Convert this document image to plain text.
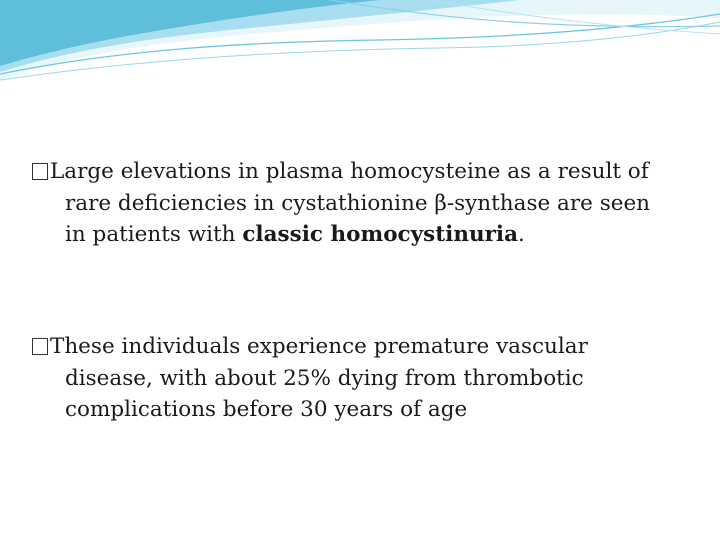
Large elevations in plasma homocysteine as a result of
rare deficiencies in cystathionine β-synthase are seen
in patients with classic homocystinuria.
These individuals experience premature vascular
disease, with about 25% dying from thrombotic
complications before 30 years of age
